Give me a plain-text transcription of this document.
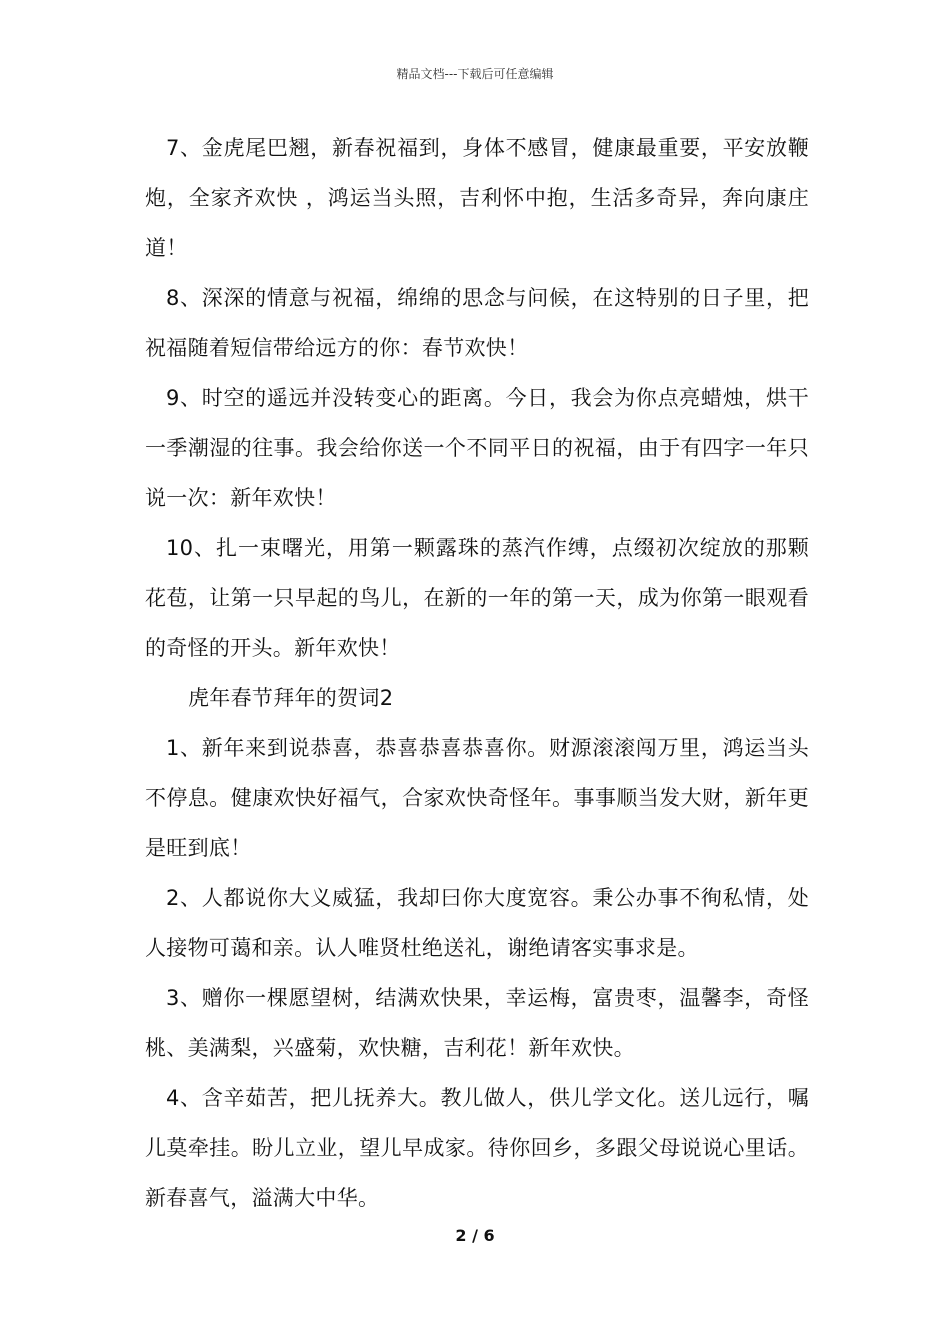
精品文档---下载后可任意编辑

7、金虎尾巴翘，新春祝福到，身体不感冒，健康最重要，平安放鞭炮，全家齐欢快 ，鸿运当头照，吉利怀中抱，生活多奇异，奔向康庄道！

8、深深的情意与祝福，绵绵的思念与问候，在这特别的日子里，把祝福随着短信带给远方的你：春节欢快！

9、时空的遥远并没转变心的距离。今日，我会为你点亮蜡烛，烘干一季潮湿的往事。我会给你送一个不同平日的祝福，由于有四字一年只说一次：新年欢快！

10、扎一束曙光，用第一颗露珠的蒸汽作缚，点缀初次绽放的那颗花苞，让第一只早起的鸟儿，在新的一年的第一天，成为你第一眼观看的奇怪的开头。新年欢快！

虎年春节拜年的贺词2

1、新年来到说恭喜，恭喜恭喜恭喜你。财源滚滚闯万里，鸿运当头不停息。健康欢快好福气，合家欢快奇怪年。事事顺当发大财，新年更是旺到底！

2、人都说你大义威猛，我却曰你大度宽容。秉公办事不徇私情，处人接物可蔼和亲。认人唯贤杜绝送礼，谢绝请客实事求是。

3、赠你一棵愿望树，结满欢快果，幸运梅，富贵枣，温馨李，奇怪桃、美满梨，兴盛菊，欢快糖，吉利花！新年欢快。

4、含辛茹苦，把儿抚养大。教儿做人，供儿学文化。送儿远行，嘱儿莫牵挂。盼儿立业，望儿早成家。待你回乡，多跟父母说说心里话。新春喜气，溢满大中华。

2 / 6
